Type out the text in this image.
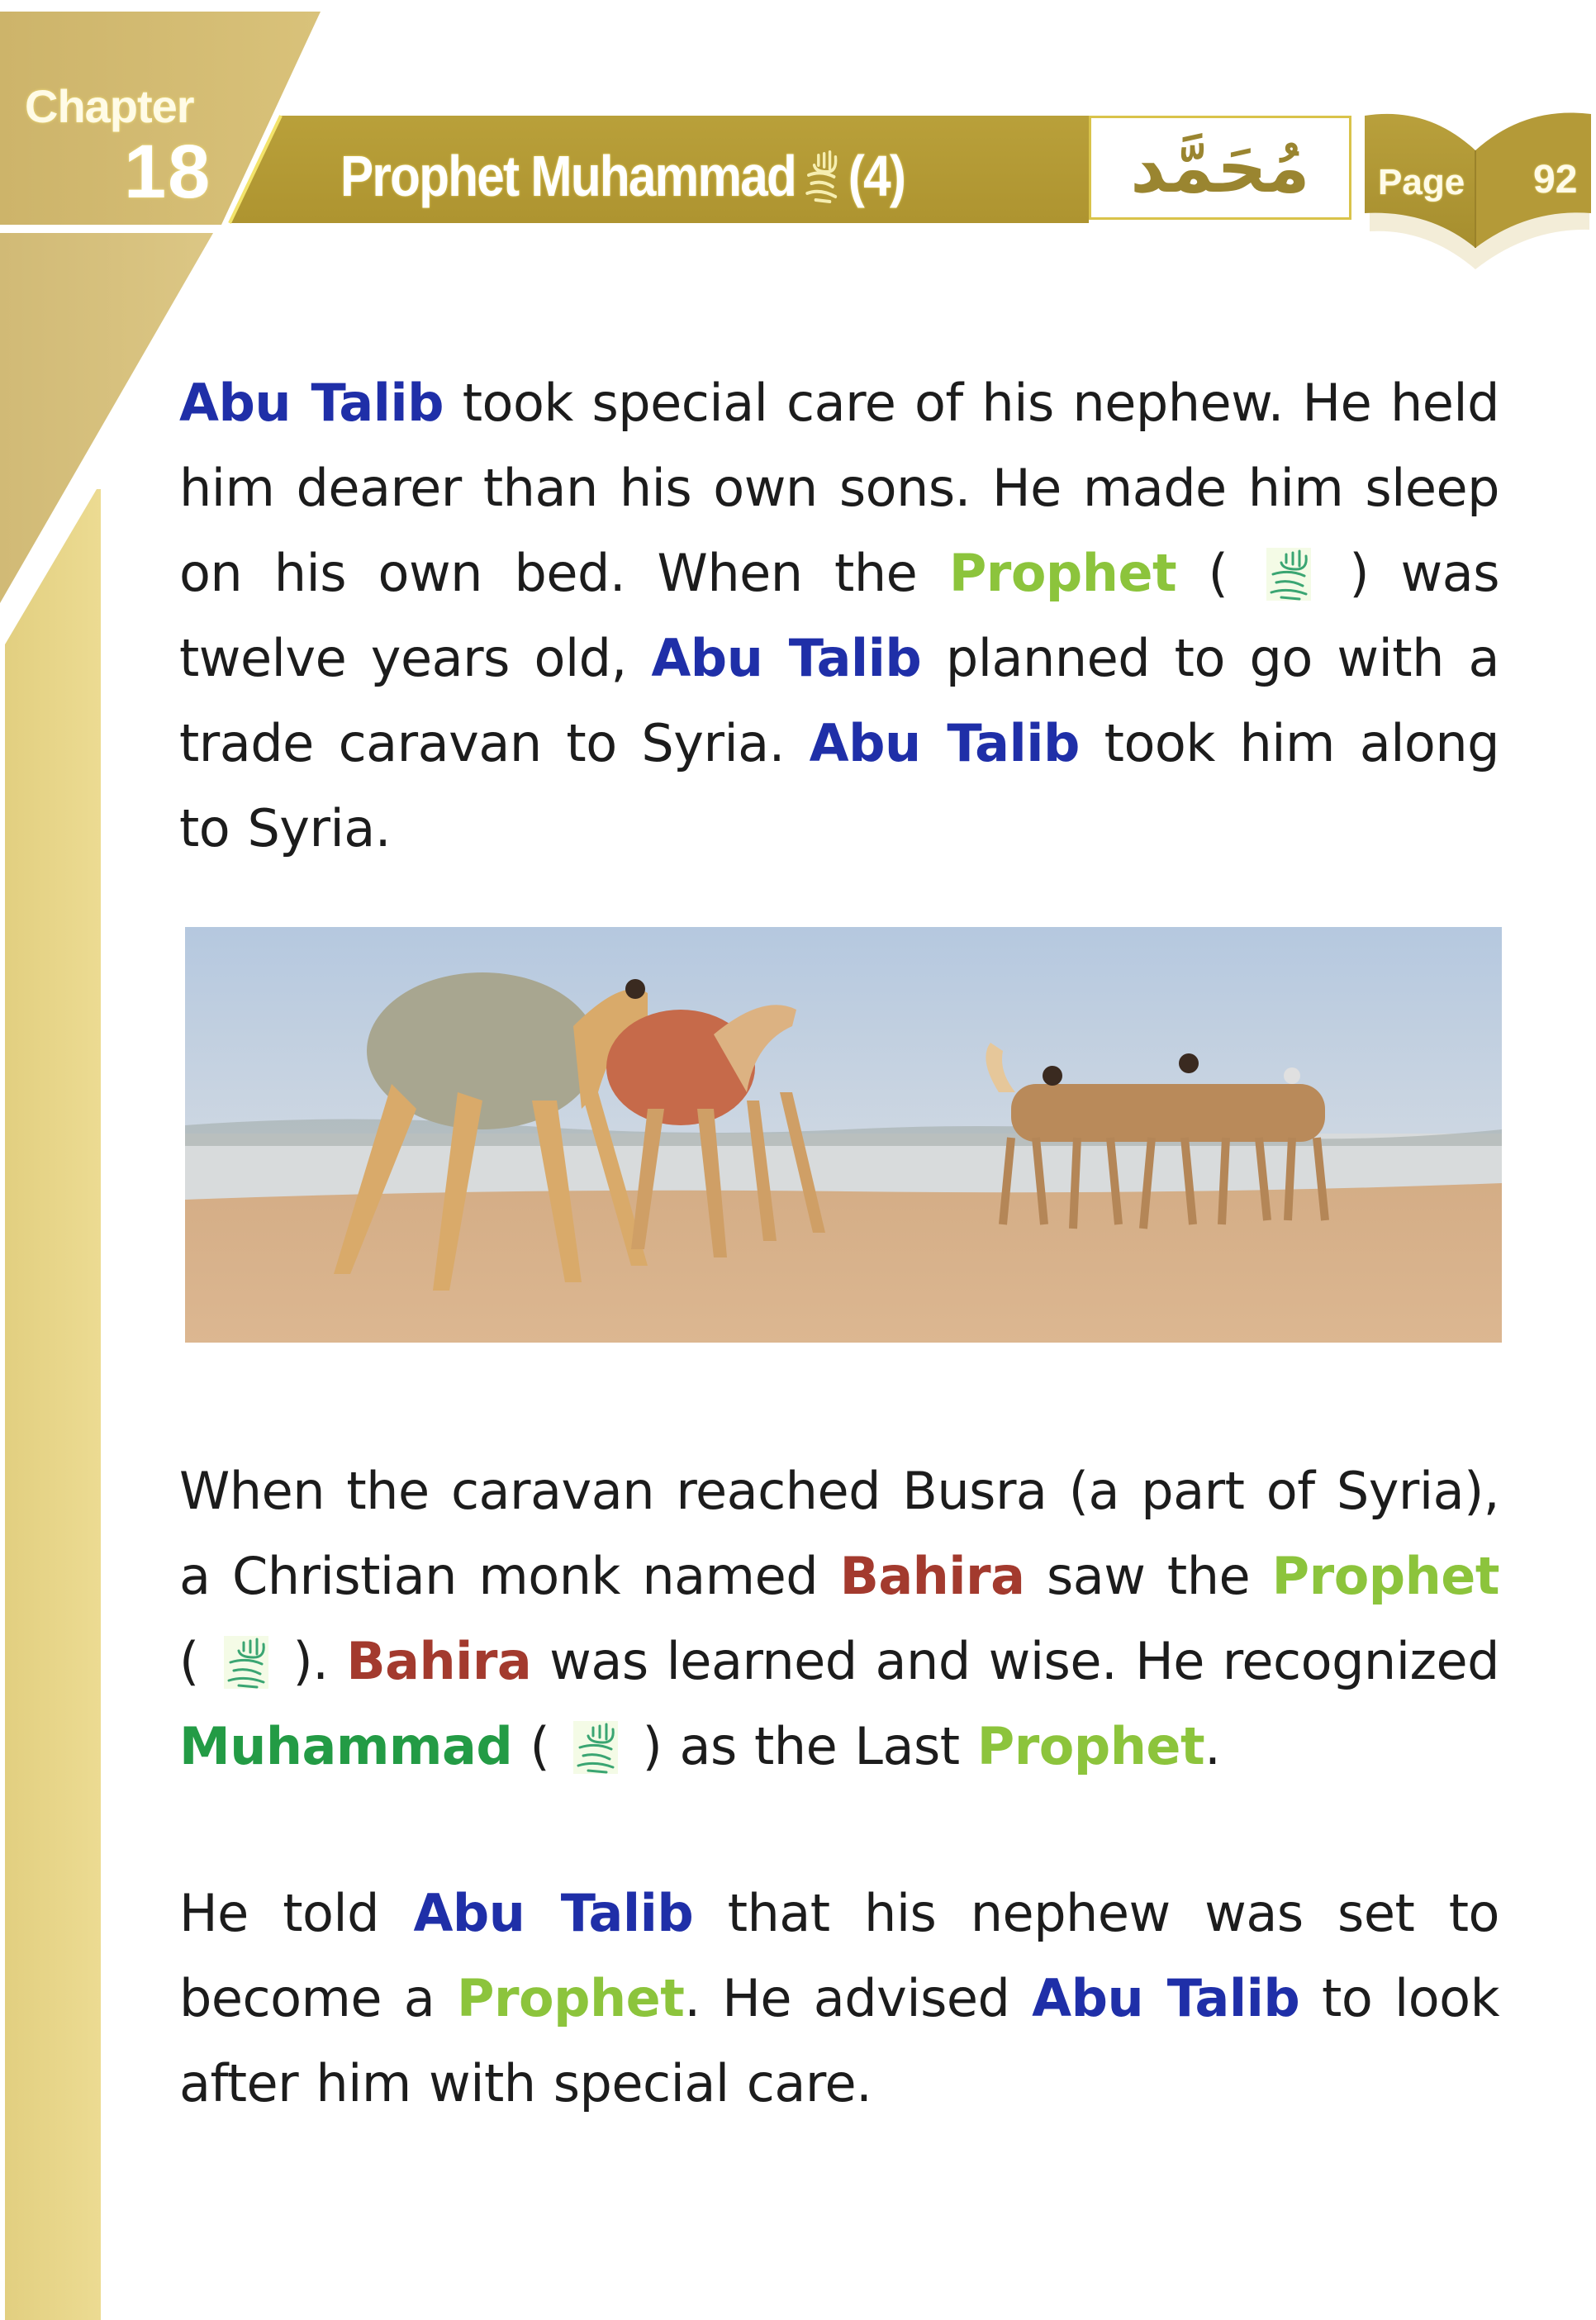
Chapter
18 Prophet Muhammad (4)	مُحَمَّد Page 92
Abu Talib took special care of his nephew. He held him dearer than his own sons. He made him sleep on his own bed. When the Prophet (  ) was twelve years old, Abu Talib planned to go with a trade caravan to Syria. Abu Talib took him along to Syria.
When the caravan reached Busra (a part of Syria), a Christian monk named Bahira saw the Prophet (  ). Bahira was learned and wise. He recognized Muhammad (  ) as the Last Prophet.
He told Abu Talib that his nephew was set to become a Prophet. He advised Abu Talib to look after him with special care.
